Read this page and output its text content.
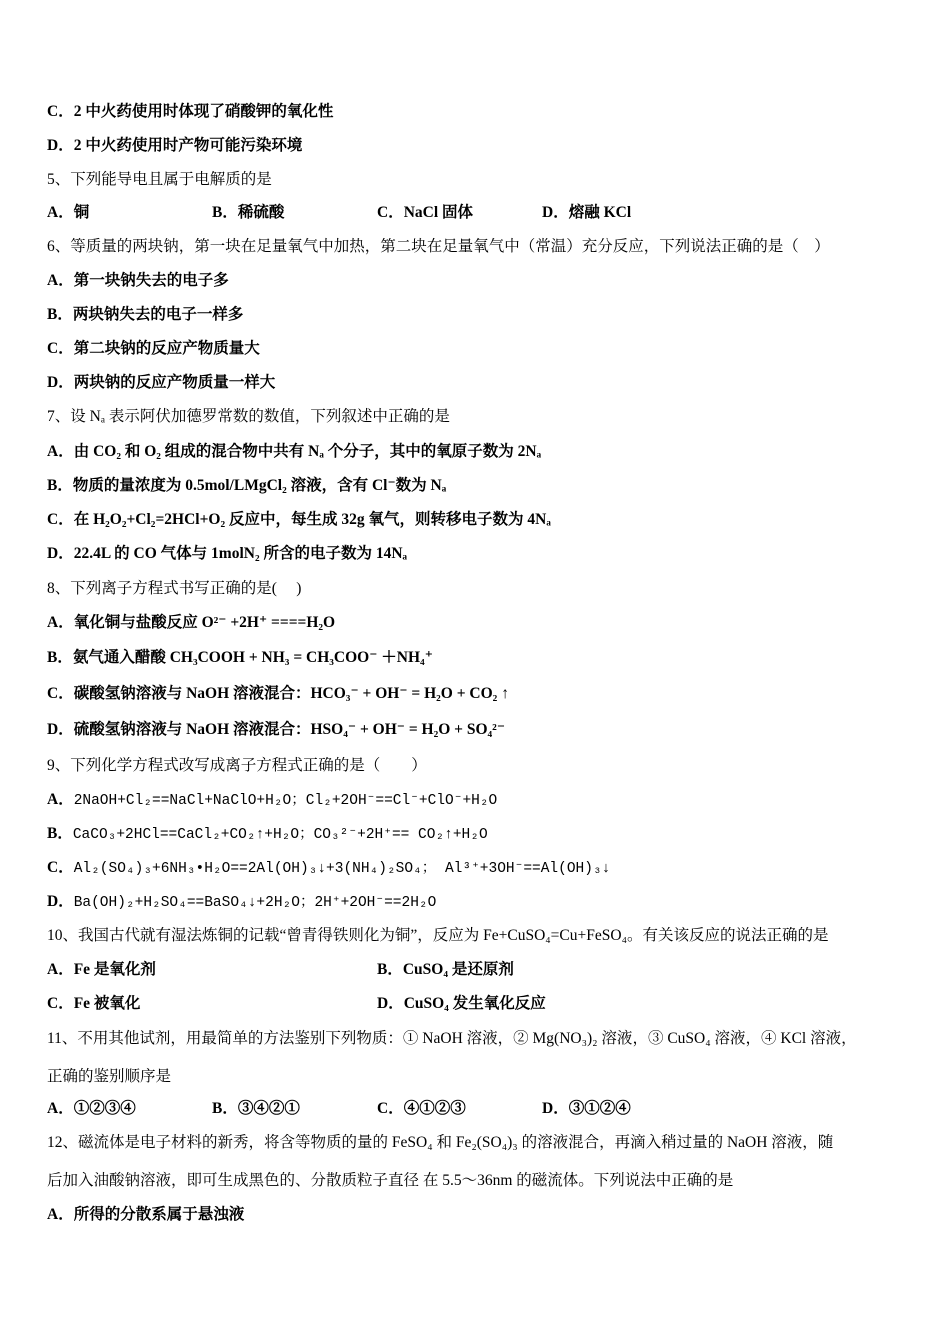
C．2 中火药使用时体现了硝酸钾的氧化性
D．2 中火药使用时产物可能污染环境
5、下列能导电且属于电解质的是
A．铜	B．稀硫酸	C．NaCl 固体	D．熔融 KCl
6、等质量的两块钠，第一块在足量氧气中加热，第二块在足量氧气中（常温）充分反应，下列说法正确的是（　）
A．第一块钠失去的电子多
B．两块钠失去的电子一样多
C．第二块钠的反应产物质量大
D．两块钠的反应产物质量一样大
7、设 Nₐ 表示阿伏加德罗常数的数值，下列叙述中正确的是
A．由 CO₂ 和 O₂ 组成的混合物中共有 Nₐ 个分子，其中的氧原子数为 2Nₐ
B．物质的量浓度为 0.5mol/LMgCl₂ 溶液，含有 Cl⁻数为 Nₐ
C．在 H₂O₂+Cl₂=2HCl+O₂ 反应中，每生成 32g 氧气，则转移电子数为 4Nₐ
D．22.4L 的 CO 气体与 1molN₂ 所含的电子数为 14Nₐ
8、下列离子方程式书写正确的是(　 )
A．氧化铜与盐酸反应 O²⁻ +2H⁺ ====H₂O
B．氨气通入醋酸 CH₃COOH + NH₃ = CH₃COO⁻ ＋NH₄⁺
C．碳酸氢钠溶液与 NaOH 溶液混合：HCO₃⁻ + OH⁻ = H₂O + CO₂ ↑
D．硫酸氢钠溶液与 NaOH 溶液混合：HSO₄⁻ + OH⁻ = H₂O + SO₄²⁻
9、下列化学方程式改写成离子方程式正确的是（　　）
A．2NaOH+Cl₂==NaCl+NaClO+H₂O；Cl₂+2OH⁻==Cl⁻+ClO⁻+H₂O
B．CaCO₃+2HCl==CaCl₂+CO₂↑+H₂O；CO₃²⁻+2H⁺== CO₂↑+H₂O
C．Al₂(SO₄)₃+6NH₃•H₂O==2Al(OH)₃↓+3(NH₄)₂SO₄； Al³⁺+3OH⁻==Al(OH)₃↓
D．Ba(OH)₂+H₂SO₄==BaSO₄↓+2H₂O；2H⁺+2OH⁻==2H₂O
10、我国古代就有湿法炼铜的记载“曾青得铁则化为铜”，反应为 Fe+CuSO₄=Cu+FeSO₄。有关该反应的说法正确的是
A．Fe 是氧化剂	B．CuSO₄ 是还原剂
C．Fe 被氧化	D．CuSO₄ 发生氧化反应
11、不用其他试剂，用最简单的方法鉴别下列物质：① NaOH 溶液，② Mg(NO₃)₂ 溶液，③ CuSO₄ 溶液，④ KCl 溶液，
正确的鉴别顺序是
A．①②③④	B．③④②①	C．④①②③	D．③①②④
12、磁流体是电子材料的新秀，将含等物质的量的 FeSO₄ 和 Fe₂(SO₄)₃ 的溶液混合，再滴入稍过量的 NaOH 溶液，随
后加入油酸钠溶液，即可生成黑色的、分散质粒子直径 在 5.5～36nm 的磁流体。下列说法中正确的是
A．所得的分散系属于悬浊液
